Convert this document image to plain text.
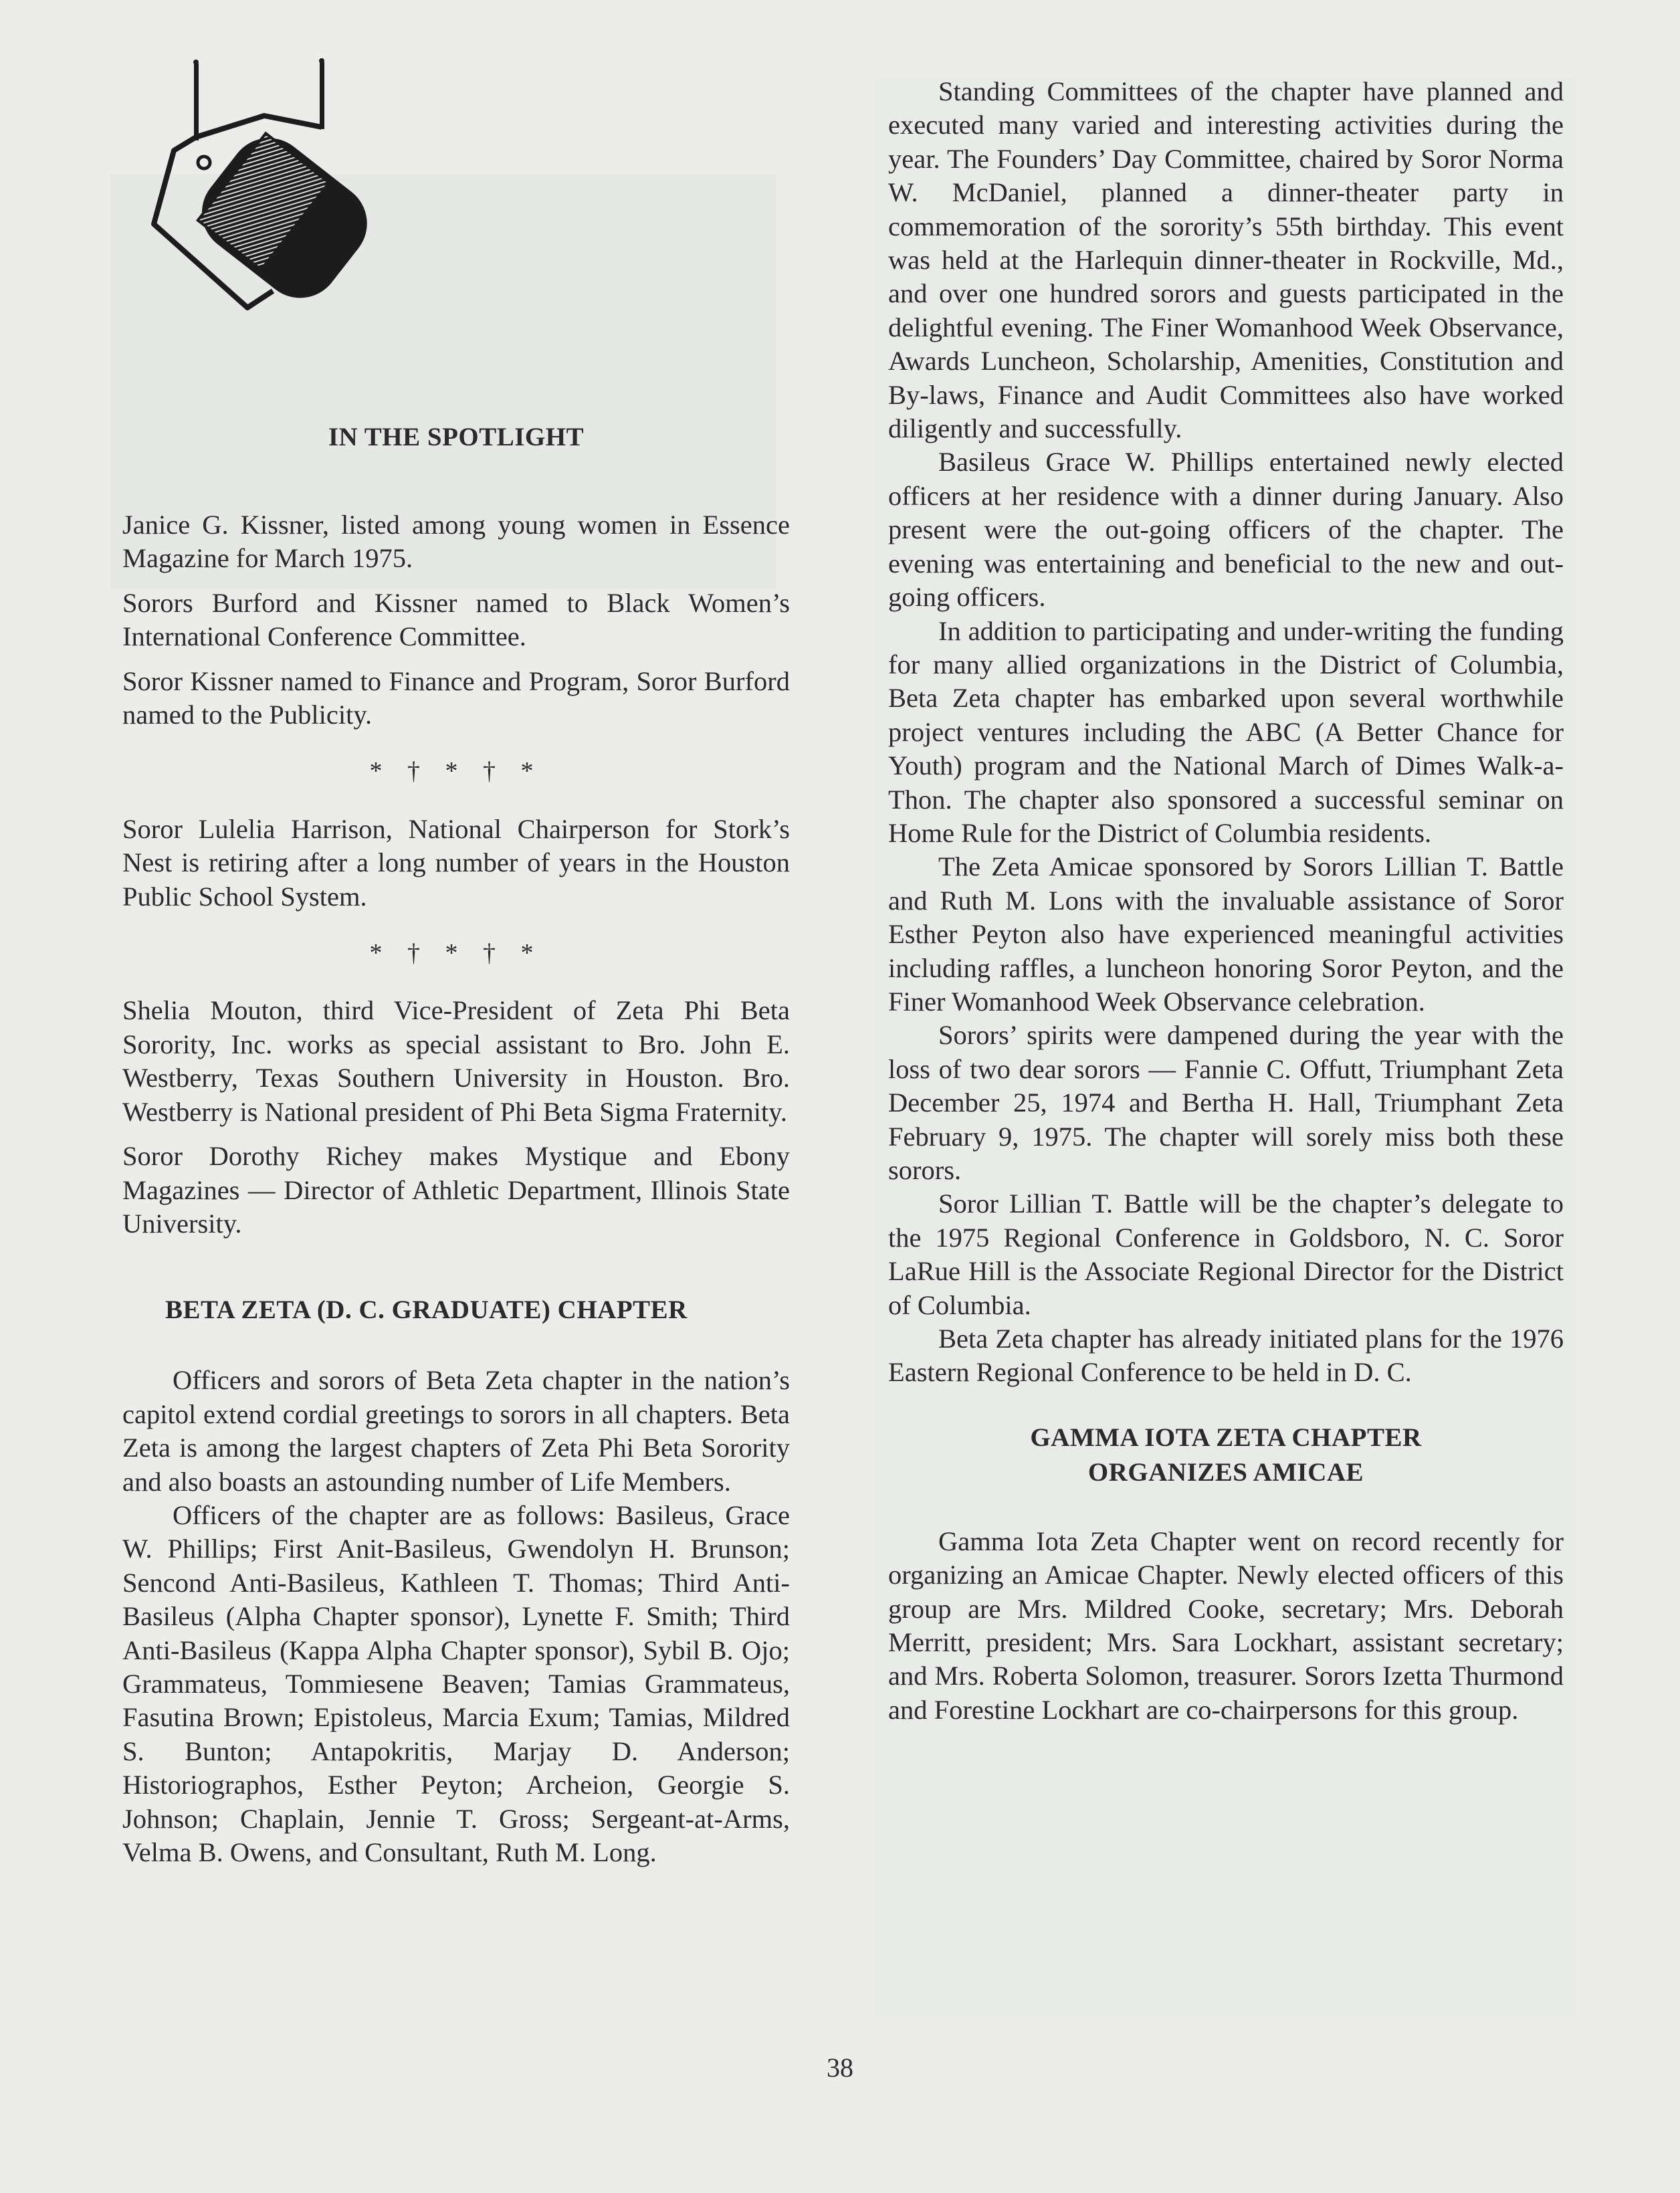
IN THE SPOTLIGHT

Janice G. Kissner, listed among young women in Essence Magazine for March 1975.

Sorors Burford and Kissner named to Black Women’s International Conference Committee.

Soror Kissner named to Finance and Program, Soror Burford named to the Publicity.

* † * † *

Soror Lulelia Harrison, National Chairperson for Stork’s Nest is retiring after a long number of years in the Houston Public School System.

* † * † *

Shelia Mouton, third Vice-President of Zeta Phi Beta Sorority, Inc. works as special assistant to Bro. John E. Westberry, Texas Southern University in Houston. Bro. Westberry is National president of Phi Beta Sigma Fraternity.

Soror Dorothy Richey makes Mystique and Ebony Magazines — Director of Athletic Department, Illinois State University.

BETA ZETA (D. C. GRADUATE) CHAPTER

Officers and sorors of Beta Zeta chapter in the nation’s capitol extend cordial greetings to sorors in all chapters. Beta Zeta is among the largest chapters of Zeta Phi Beta Sorority and also boasts an astounding number of Life Members.

Officers of the chapter are as follows: Basileus, Grace W. Phillips; First Anit-Basileus, Gwendolyn H. Brunson; Sencond Anti-Basileus, Kathleen T. Thomas; Third Anti-Basileus (Alpha Chapter sponsor), Lynette F. Smith; Third Anti-Basileus (Kappa Alpha Chapter sponsor), Sybil B. Ojo; Grammateus, Tommiesene Beaven; Tamias Grammateus, Fasutina Brown; Epistoleus, Marcia Exum; Tamias, Mildred S. Bunton; Antapokritis, Marjay D. Anderson; Historiographos, Esther Peyton; Archeion, Georgie S. Johnson; Chaplain, Jennie T. Gross; Sergeant-at-Arms, Velma B. Owens, and Consultant, Ruth M. Long.

Standing Committees of the chapter have planned and executed many varied and interesting activities during the year. The Founders’ Day Committee, chaired by Soror Norma W. McDaniel, planned a dinner-theater party in commemoration of the sorority’s 55th birthday. This event was held at the Harlequin dinner-theater in Rockville, Md., and over one hundred sorors and guests participated in the delightful evening. The Finer Womanhood Week Observance, Awards Luncheon, Scholarship, Amenities, Constitution and By-laws, Finance and Audit Committees also have worked diligently and successfully.

Basileus Grace W. Phillips entertained newly elected officers at her residence with a dinner during January. Also present were the out-going officers of the chapter. The evening was entertaining and beneficial to the new and out-going officers.

In addition to participating and under-writing the funding for many allied organizations in the District of Columbia, Beta Zeta chapter has embarked upon several worthwhile project ventures including the ABC (A Better Chance for Youth) program and the National March of Dimes Walk-a-Thon. The chapter also sponsored a successful seminar on Home Rule for the District of Columbia residents.

The Zeta Amicae sponsored by Sorors Lillian T. Battle and Ruth M. Lons with the invaluable assistance of Soror Esther Peyton also have experienced meaningful activities including raffles, a luncheon honoring Soror Peyton, and the Finer Womanhood Week Observance celebration.

Sorors’ spirits were dampened during the year with the loss of two dear sorors — Fannie C. Offutt, Triumphant Zeta December 25, 1974 and Bertha H. Hall, Triumphant Zeta February 9, 1975. The chapter will sorely miss both these sorors.

Soror Lillian T. Battle will be the chapter’s delegate to the 1975 Regional Conference in Goldsboro, N. C. Soror LaRue Hill is the Associate Regional Director for the District of Columbia.

Beta Zeta chapter has already initiated plans for the 1976 Eastern Regional Conference to be held in D. C.

GAMMA IOTA ZETA CHAPTER
ORGANIZES AMICAE

Gamma Iota Zeta Chapter went on record recently for organizing an Amicae Chapter. Newly elected officers of this group are Mrs. Mildred Cooke, secretary; Mrs. Deborah Merritt, president; Mrs. Sara Lockhart, assistant secretary; and Mrs. Roberta Solomon, treasurer. Sorors Izetta Thurmond and Forestine Lockhart are co-chairpersons for this group.

38
